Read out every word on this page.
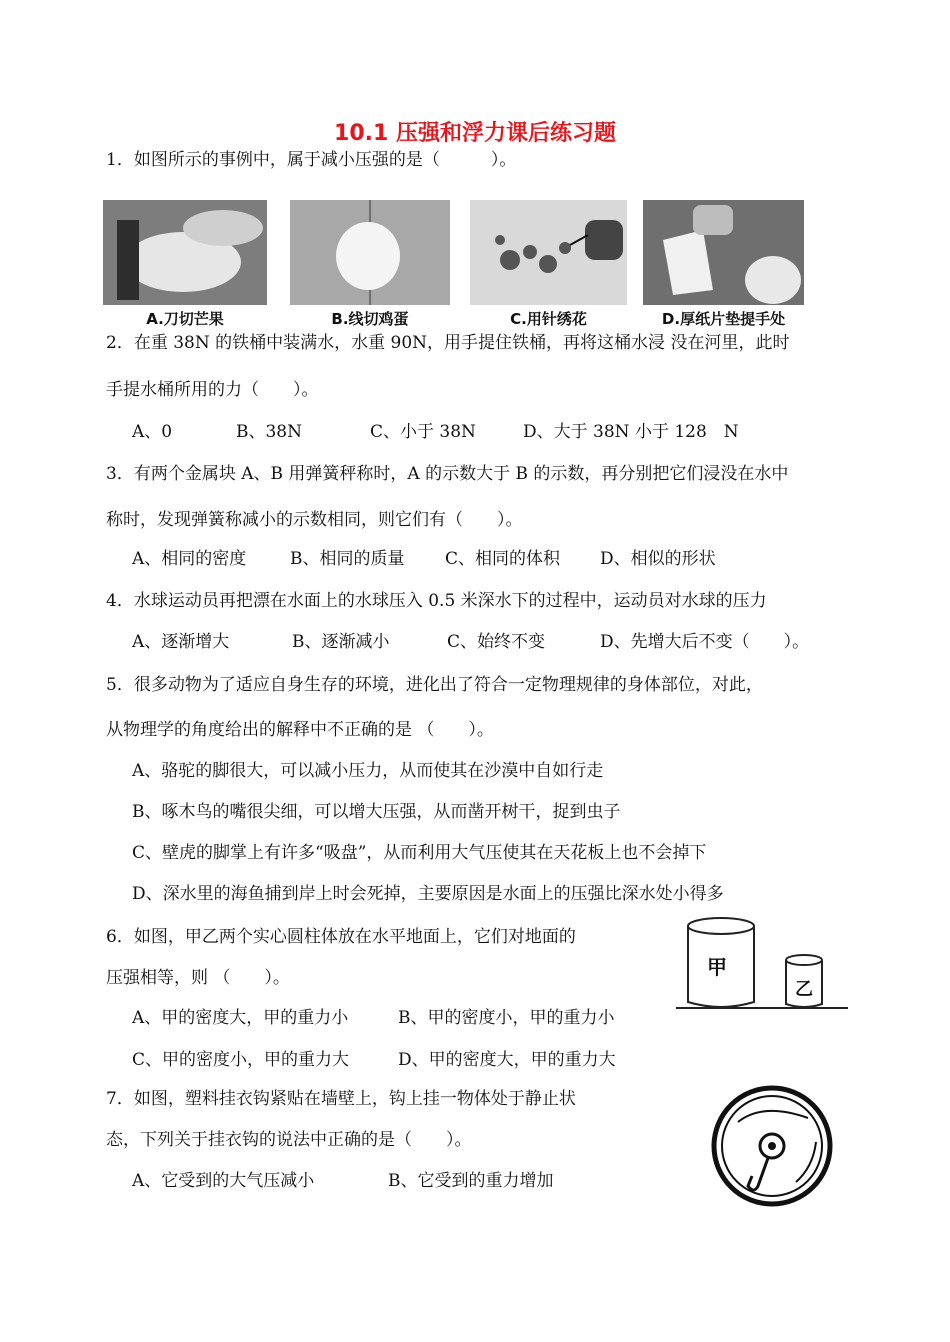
10.1 压强和浮力课后练习题
1．如图所示的事例中，属于减小压强的是（　　　）。
A.刀切芒果	B.线切鸡蛋	C.用针绣花	D.厚纸片垫提手处
2．在重 38N 的铁桶中装满水，水重 90N，用手提住铁桶，再将这桶水浸 没在河里，此时
手提水桶所用的力（　　）。
A、0	B、38N	C、小于 38N	D、大于 38N 小于 128　N
3．有两个金属块 A、B 用弹簧秤称时，A 的示数大于 B 的示数，再分别把它们浸没在水中
称时，发现弹簧称减小的示数相同，则它们有（　　）。
A、相同的密度	B、相同的质量 C、相同的体积 D、相似的形状
4．水球运动员再把漂在水面上的水球压入 0.5 米深水下的过程中，运动员对水球的压力
A、逐渐增大	B、逐渐减小	C、始终不变	D、先增大后不变（　　）。
5．很多动物为了适应自身生存的环境，进化出了符合一定物理规律的身体部位，对此，
从物理学的角度给出的解释中不正确的是 （　　）。
A、骆驼的脚很大，可以减小压力，从而使其在沙漠中自如行走
B、啄木鸟的嘴很尖细，可以增大压强，从而凿开树干，捉到虫子
C、壁虎的脚掌上有许多“吸盘”，从而利用大气压使其在天花板上也不会掉下
D、深水里的海鱼捕到岸上时会死掉，主要原因是水面上的压强比深水处小得多
6．如图，甲乙两个实心圆柱体放在水平地面上，它们对地面的
压强相等，则 （　　）。
A、甲的密度大，甲的重力小	B、甲的密度小，甲的重力小
C、甲的密度小，甲的重力大	D、甲的密度大，甲的重力大
甲
乙
7．如图，塑料挂衣钩紧贴在墙壁上，钩上挂一物体处于静止状
态，下列关于挂衣钩的说法中正确的是（　　）。
A、它受到的大气压减小	B、它受到的重力增加
